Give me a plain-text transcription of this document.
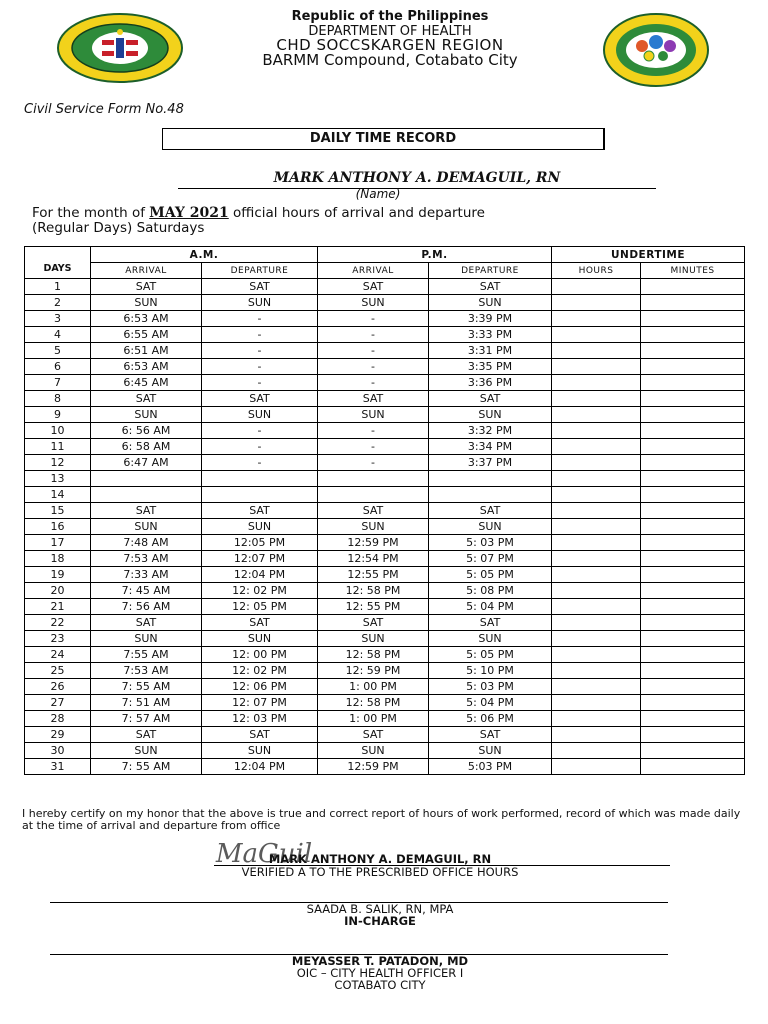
Republic of the Philippines
DEPARTMENT OF HEALTH
CHD SOCCSKARGEN REGION
BARMM Compound, Cotabato City
Civil Service Form No.48
DAILY TIME RECORD
MARK ANTHONY A. DEMAGUIL, RN
(Name)
For the month of MAY 2021 official hours of arrival and departure
(Regular Days) Saturdays
DAYS	A.M.		P.M.		UNDERTIME	
	ARRIVAL	DEPARTURE	ARRIVAL	DEPARTURE	HOURS	MINUTES
1	SAT	SAT	SAT	SAT		
2	SUN	SUN	SUN	SUN		
3	6:53 AM	-	-	3:39 PM		
4	6:55 AM	-	-	3:33 PM		
5	6:51 AM	-	-	3:31 PM		
6	6:53 AM	-	-	3:35 PM		
7	6:45 AM	-	-	3:36 PM		
8	SAT	SAT	SAT	SAT		
9	SUN	SUN	SUN	SUN		
10	6: 56 AM	-	-	3:32 PM		
11	6: 58 AM	-	-	3:34 PM		
12	6:47 AM	-	-	3:37 PM		
13						
14						
15	SAT	SAT	SAT	SAT		
16	SUN	SUN	SUN	SUN		
17	7:48 AM	12:05 PM	12:59 PM	5: 03 PM		
18	7:53 AM	12:07 PM	12:54 PM	5: 07 PM		
19	7:33 AM	12:04 PM	12:55 PM	5: 05 PM		
20	7: 45 AM	12: 02 PM	12: 58 PM	5: 08 PM		
21	7: 56 AM	12: 05 PM	12: 55 PM	5: 04 PM		
22	SAT	SAT	SAT	SAT		
23	SUN	SUN	SUN	SUN		
24	7:55 AM	12: 00 PM	12: 58 PM	5: 05 PM		
25	7:53 AM	12: 02 PM	12: 59 PM	5: 10 PM		
26	7: 55 AM	12: 06 PM	1: 00 PM	5: 03 PM		
27	7: 51 AM	12: 07 PM	12: 58 PM	5: 04 PM		
28	7: 57 AM	12: 03 PM	1: 00 PM	5: 06 PM		
29	SAT	SAT	SAT	SAT		
30	SUN	SUN	SUN	SUN		
31	7: 55 AM	12:04 PM	12:59 PM	5:03 PM		
I hereby certify on my honor that the above is true and correct report of hours of work performed, record of which was made daily at the time of arrival and departure from office
MaGuil
MARK ANTHONY A. DEMAGUIL, RN
VERIFIED A TO THE PRESCRIBED OFFICE HOURS
SAADA B. SALIK, RN, MPA
IN-CHARGE
MEYASSER T. PATADON, MD
OIC – CITY HEALTH OFFICER I
COTABATO CITY
